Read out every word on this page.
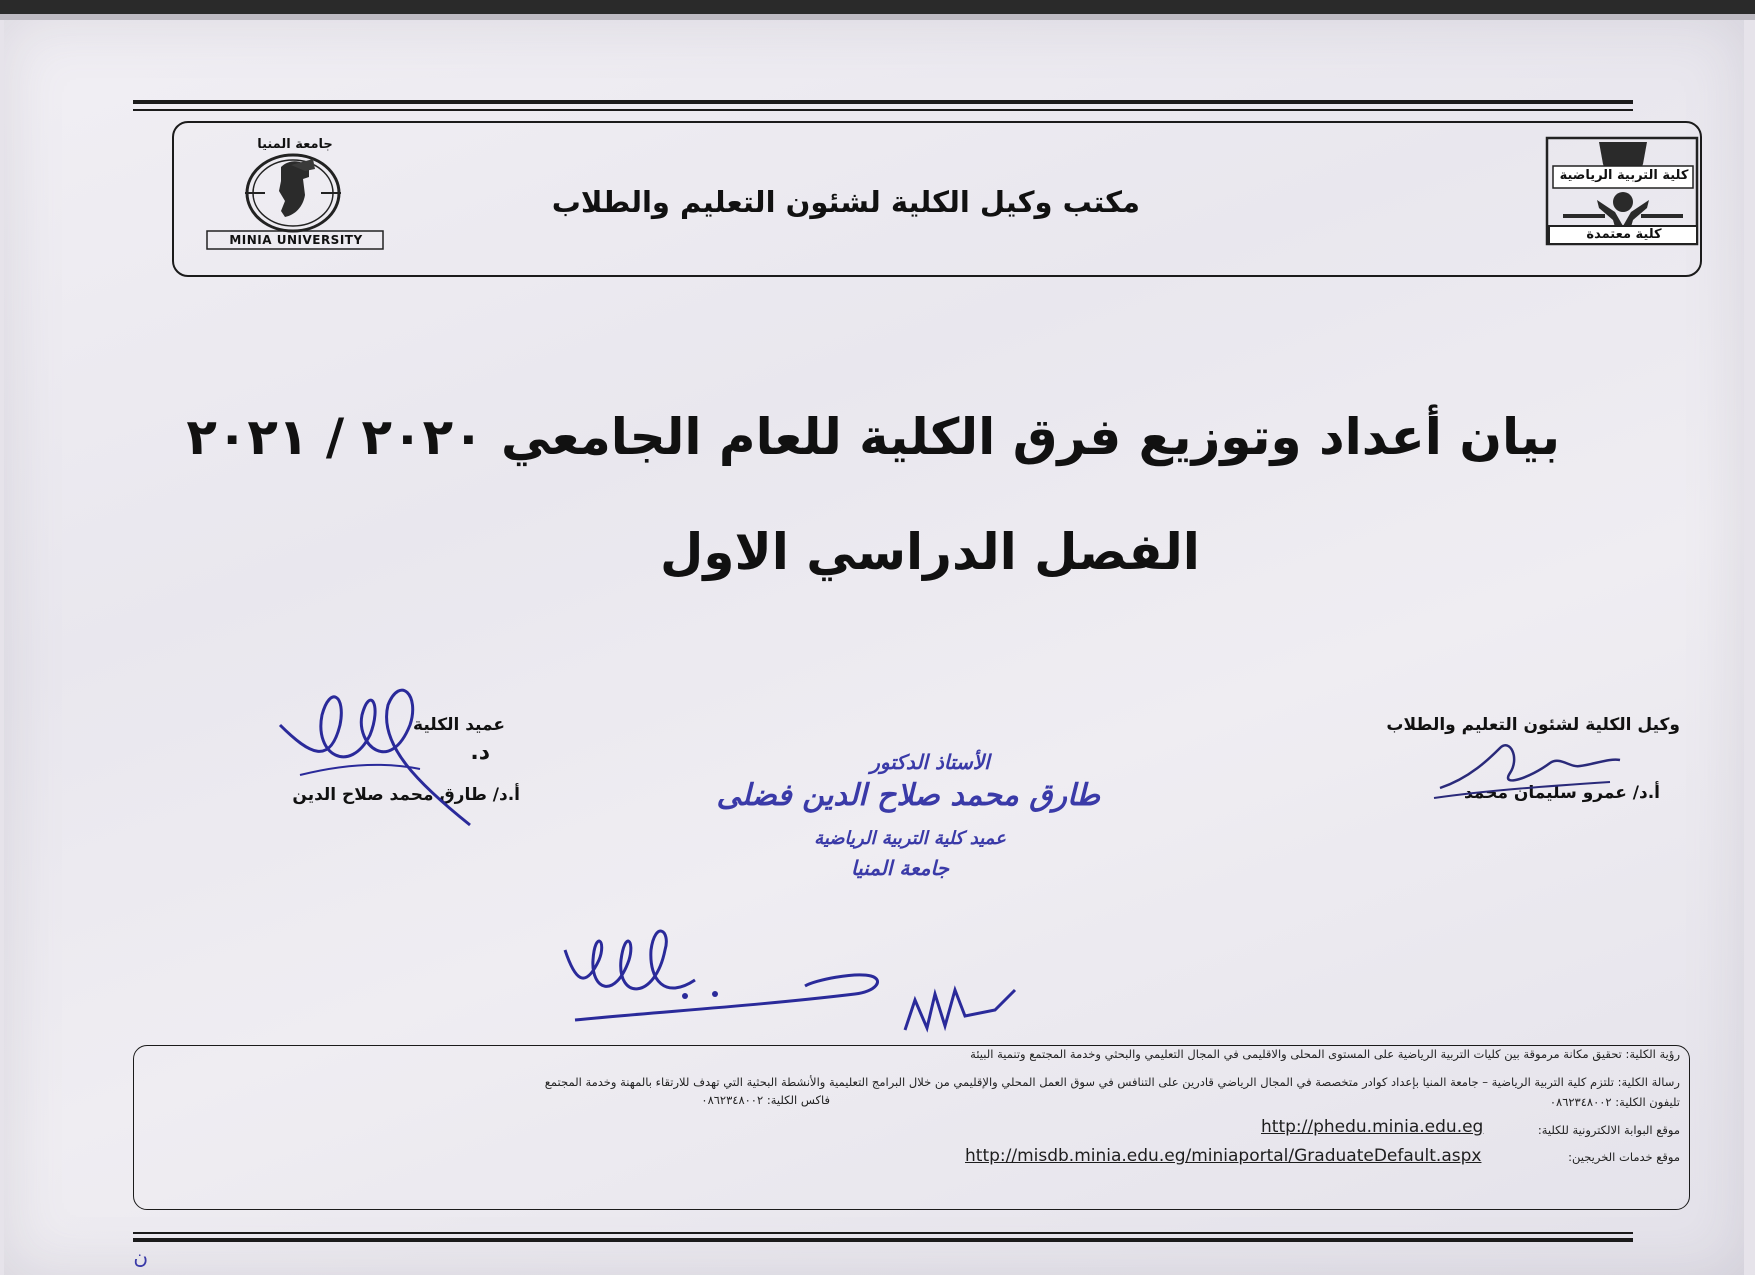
جامعة المنيا
MINIA UNIVERSITY
مكتب وكيل الكلية لشئون التعليم والطلاب
كلية التربية الرياضية
كلية معتمدة
بيان أعداد وتوزيع فرق الكلية للعام الجامعي ٢٠٢٠ / ٢٠٢١
الفصل الدراسي الاول
عميد الكلية
د.
أ.د/ طارق محمد صلاح الدين
وكيل الكلية لشئون التعليم والطلاب
أ.د/ عمرو سليمان محمد
الأستاذ الدكتور
طارق محمد صلاح الدين فضلى
عميد كلية التربية الرياضية
جامعة المنيا
رؤية الكلية: تحقيق مكانة مرموقة بين كليات التربية الرياضية على المستوى المحلى والاقليمى في المجال التعليمي والبحثي وخدمة المجتمع وتنمية البيئة
رسالة الكلية: تلتزم كلية التربية الرياضية – جامعة المنيا بإعداد كوادر متخصصة في المجال الرياضي قادرين على التنافس في سوق العمل المحلي والإقليمي من خلال البرامج التعليمية والأنشطة البحثية التي تهدف للارتقاء بالمهنة وخدمة المجتمع
تليفون الكلية: ٠٨٦٢٣٤٨٠٠٢
فاكس الكلية: ٠٨٦٢٣٤٨٠٠٢
موقع البوابة الالكترونية للكلية:
http://phedu.minia.edu.eg
موقع خدمات الخريجين:
http://misdb.minia.edu.eg/miniaportal/GraduateDefault.aspx
ن
